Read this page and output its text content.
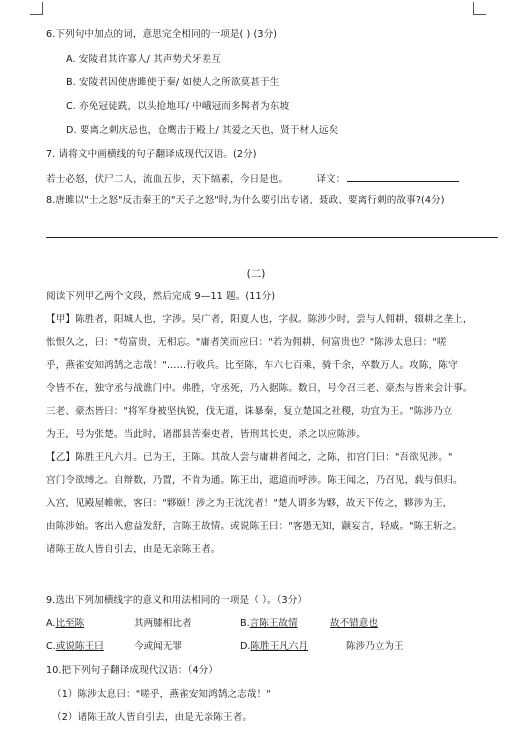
6.下列句中加点的词，意思完全相同的一项是( ) (3分)
A. 安陵君其许寡人/ 其声势犬牙差互
B. 安陵君因使唐雎使于秦/ 如使人之所欲莫甚于生
C. 亦免冠徒跣，以头抢地耳/ 中峨冠而多髯者为东坡
D. 要离之刺庆忌也，仓鹰击于殿上/ 其爱之天也，贤于材人远矣
7. 请将文中画横线的句子翻译成现代汉语。(2分)
若士必怒，伏尸二人，流血五步，天下缟素，今日是也。	译文：
8.唐雎以"士之怒"反击秦王的"天子之怒"时,为什么要引出专诸、聂政、要离行刺的故事?(4分)
(二)
阅读下列甲乙两个文段，然后完成 9—11 题。(11分)
【甲】陈胜者，阳城人也，字涉。吴广者，阳夏人也，字叔。陈涉少时，尝与人佣耕，辍耕之垄上，
怅恨久之，曰："苟富贵，无相忘。"庸者笑而应曰："若为佣耕，何富贵也？"陈涉太息曰："嗟
乎，燕雀安知鸿鹄之志哉！"……行收兵。比至陈，车六七百乘，骑千余，卒数万人。攻陈，陈守
令皆不在，独守丞与战谯门中。弗胜，守丞死，乃入据陈。数日，号令召三老、豪杰与皆来会计事。
三老、豪杰皆曰："将军身被坚执锐，伐无道，诛暴秦，复立楚国之社稷，功宜为王。"陈涉乃立
为王，号为张楚。当此时，诸郡县苦秦吏者，皆刑其长吏，杀之以应陈涉。
【乙】陈胜王凡六月。已为王，王陈。其故人尝与庸耕者闻之，之陈，扣宫门曰："吾欲见涉。"
宫门令欲缚之。自辩数，乃置，不肯为通。陈王出，遮道而呼涉。陈王闻之，乃召见，载与俱归。
入宫，见殿屋帷帐，客曰："夥颐！涉之为王沈沈者！"楚人谓多为夥，故天下传之，夥涉为王，
由陈涉始。客出入愈益发舒，言陈王故情。或说陈王曰："客愚无知，颛妄言，轻威。"陈王斩之。
诸陈王故人皆自引去，由是无亲陈王者。
9.选出下列加横线字的意义和用法相同的一项是（ ）。（3分）
A.比至陈	其两膝相比者	B.言陈王故情	故不错意也
C.或说陈王曰	今或闻无罪	D.陈胜王凡六月	陈涉乃立为王
10.把下列句子翻译成现代汉语：（4分）
（1）陈涉太息曰："嗟乎，燕雀安知鸿鹄之志哉！"
（2）诸陈王故人皆自引去，由是无亲陈王者。
